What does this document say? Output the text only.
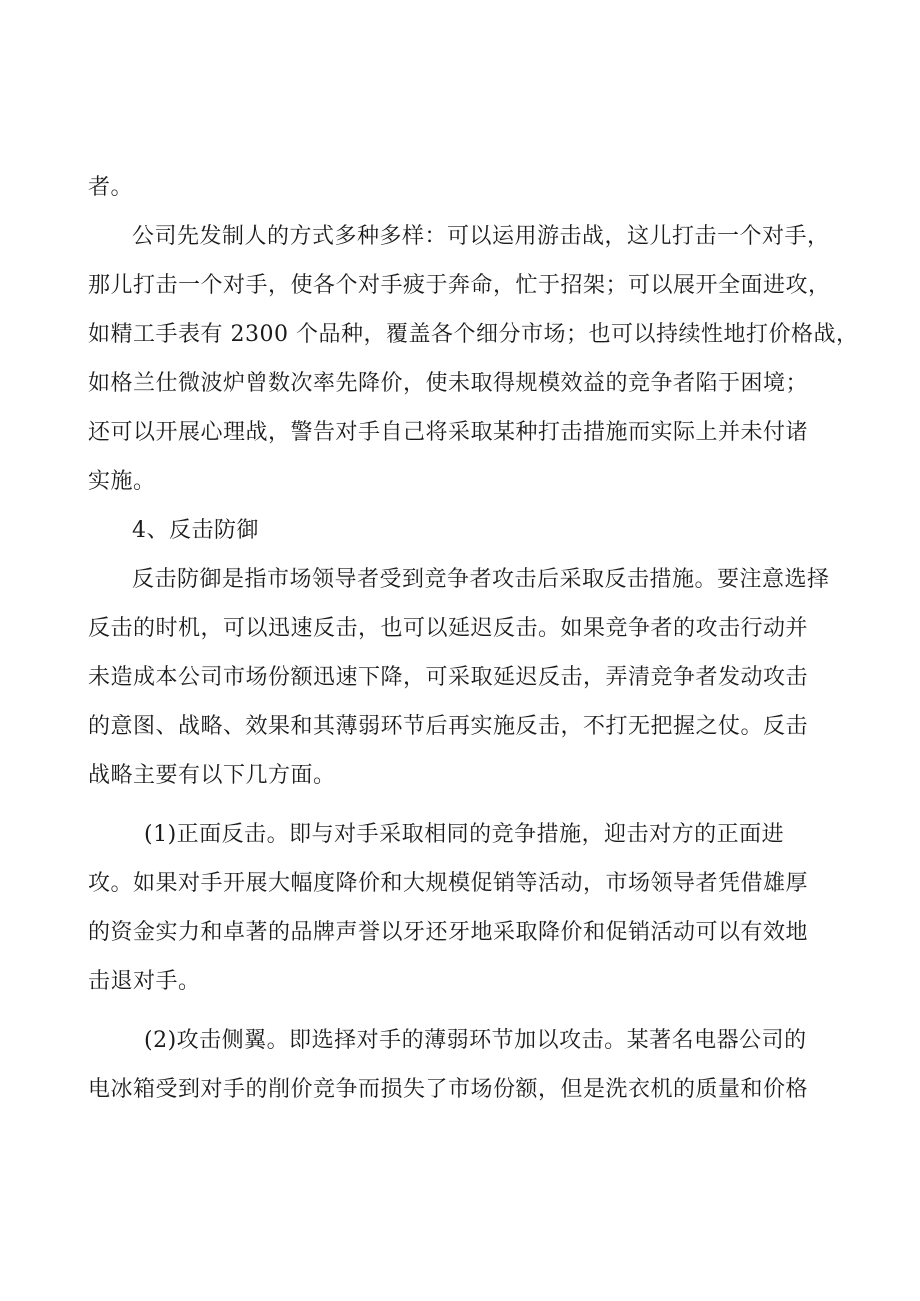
者。
公司先发制人的方式多种多样：可以运用游击战，这儿打击一个对手，
那儿打击一个对手，使各个对手疲于奔命，忙于招架；可以展开全面进攻，
如精工手表有 2300 个品种，覆盖各个细分市场；也可以持续性地打价格战，
如格兰仕微波炉曾数次率先降价，使未取得规模效益的竞争者陷于困境；
还可以开展心理战，警告对手自己将采取某种打击措施而实际上并未付诸
实施。
4、反击防御
反击防御是指市场领导者受到竞争者攻击后采取反击措施。要注意选择
反击的时机，可以迅速反击，也可以延迟反击。如果竞争者的攻击行动并
未造成本公司市场份额迅速下降，可采取延迟反击，弄清竞争者发动攻击
的意图、战略、效果和其薄弱环节后再实施反击，不打无把握之仗。反击
战略主要有以下几方面。
(1)正面反击。即与对手采取相同的竞争措施，迎击对方的正面进
攻。如果对手开展大幅度降价和大规模促销等活动，市场领导者凭借雄厚
的资金实力和卓著的品牌声誉以牙还牙地采取降价和促销活动可以有效地
击退对手。
(2)攻击侧翼。即选择对手的薄弱环节加以攻击。某著名电器公司的
电冰箱受到对手的削价竞争而损失了市场份额，但是洗衣机的质量和价格
